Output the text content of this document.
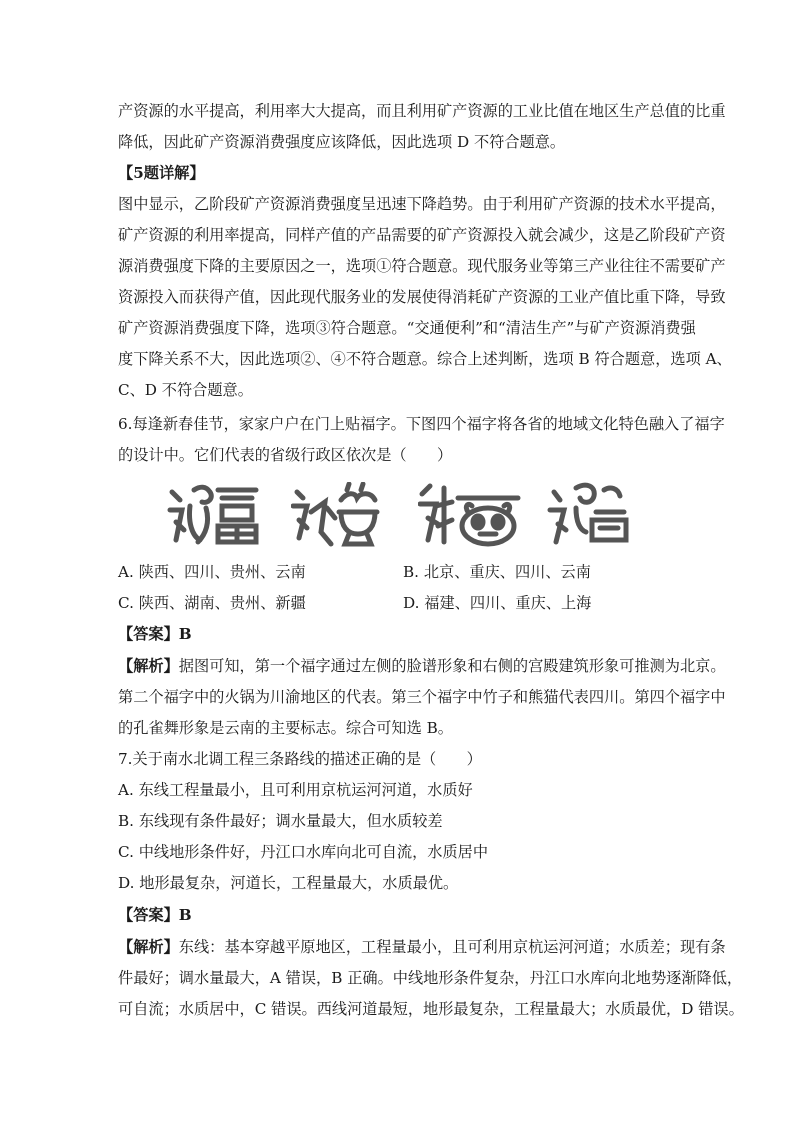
产资源的水平提高，利用率大大提高，而且利用矿产资源的工业比值在地区生产总值的比重
降低，因此矿产资源消费强度应该降低，因此选项 D 不符合题意。
【5题详解】
图中显示，乙阶段矿产资源消费强度呈迅速下降趋势。由于利用矿产资源的技术水平提高，
矿产资源的利用率提高，同样产值的产品需要的矿产资源投入就会减少，这是乙阶段矿产资
源消费强度下降的主要原因之一，选项①符合题意。现代服务业等第三产业往往不需要矿产
资源投入而获得产值，因此现代服务业的发展使得消耗矿产资源的工业产值比重下降，导致
矿产资源消费强度下降，选项③符合题意。“交通便利”和“清洁生产”与矿产资源消费强
度下降关系不大，因此选项②、④不符合题意。综合上述判断，选项 B 符合题意，选项 A、
C、D 不符合题意。
6.每逢新春佳节，家家户户在门上贴福字。下图四个福字将各省的地域文化特色融入了福字
的设计中。它们代表的省级行政区依次是（　　）
A. 陕西、四川、贵州、云南	B. 北京、重庆、四川、云南
C. 陕西、湖南、贵州、新疆	D. 福建、四川、重庆、上海
【答案】B
【解析】据图可知，第一个福字通过左侧的脸谱形象和右侧的宫殿建筑形象可推测为北京。
第二个福字中的火锅为川渝地区的代表。第三个福字中竹子和熊猫代表四川。第四个福字中
的孔雀舞形象是云南的主要标志。综合可知选 B。
7.关于南水北调工程三条路线的描述正确的是（　　）
A. 东线工程量最小，且可利用京杭运河河道，水质好
B. 东线现有条件最好；调水量最大，但水质较差
C. 中线地形条件好，丹江口水库向北可自流，水质居中
D. 地形最复杂，河道长，工程量最大，水质最优。
【答案】B
【解析】东线：基本穿越平原地区，工程量最小，且可利用京杭运河河道；水质差；现有条
件最好；调水量最大，A 错误，B 正确。中线地形条件复杂，丹江口水库向北地势逐渐降低，
可自流；水质居中，C 错误。西线河道最短，地形最复杂，工程量最大；水质最优，D 错误。
